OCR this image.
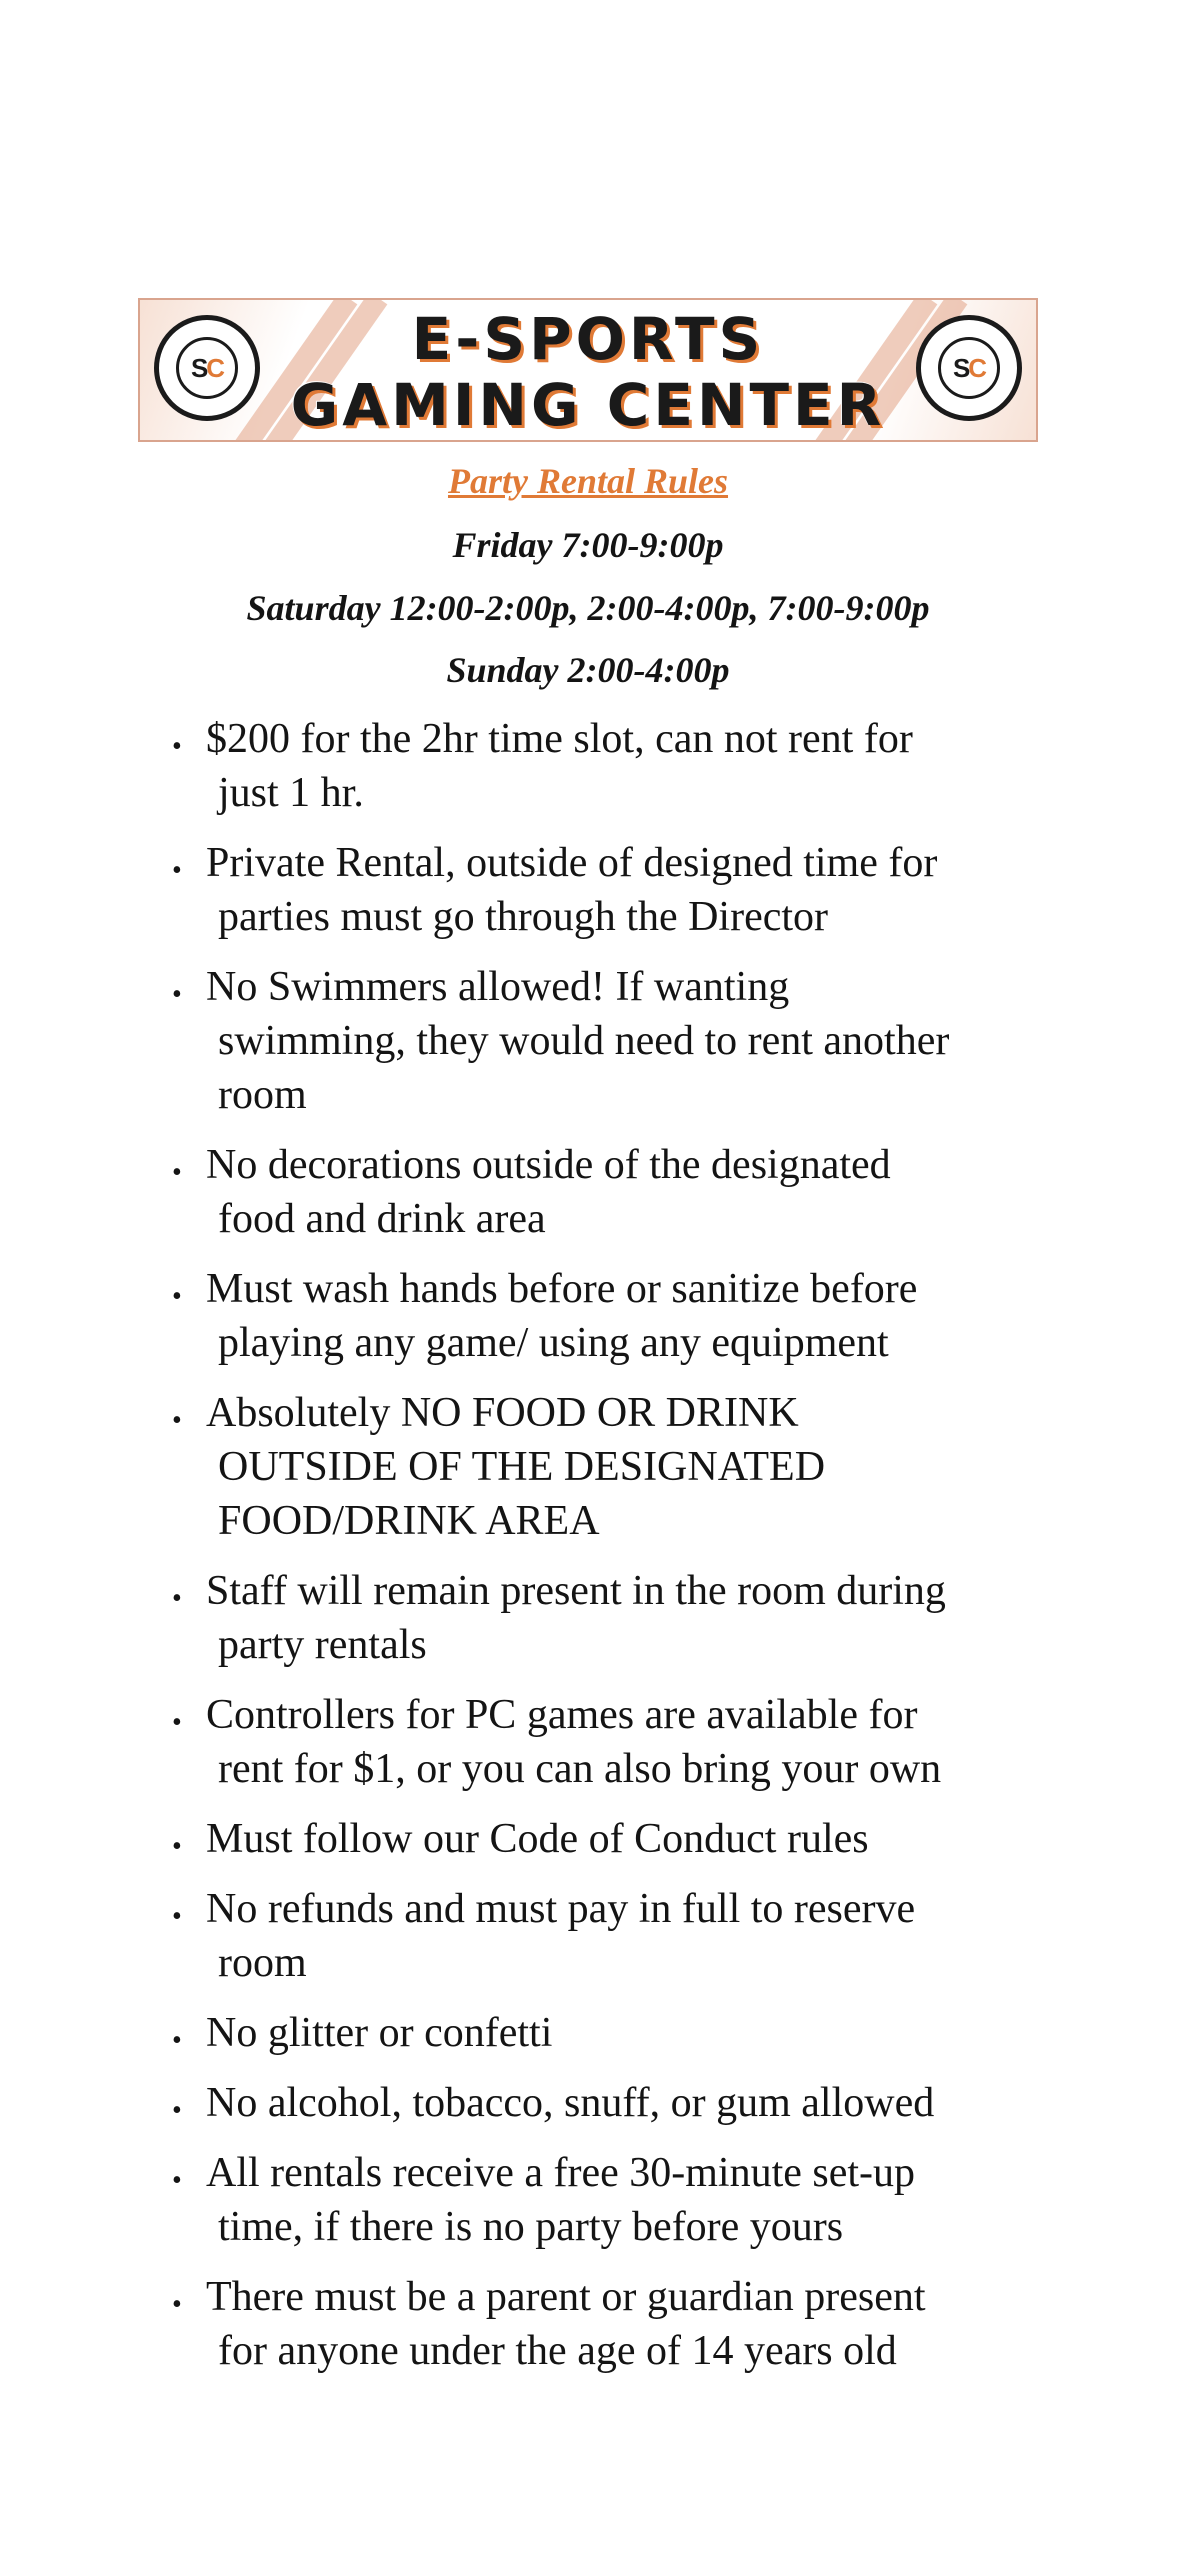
S C	E-SPORTS
GAMING CENTER
S C
Party Rental Rules
Friday 7:00-9:00p
Saturday 12:00-2:00p, 2:00-4:00p, 7:00-9:00p
Sunday 2:00-4:00p
• $200 for the 2hr time slot, can not rent for
just 1 hr.
• Private Rental, outside of designed time for
parties must go through the Director
• No Swimmers allowed! If wanting
swimming, they would need to rent another
room
• No decorations outside of the designated
food and drink area
• Must wash hands before or sanitize before
playing any game/ using any equipment
• Absolutely NO FOOD OR DRINK
OUTSIDE OF THE DESIGNATED
FOOD/DRINK AREA
• Staff will remain present in the room during
party rentals
• Controllers for PC games are available for
rent for $1, or you can also bring your own
• Must follow our Code of Conduct rules
• No refunds and must pay in full to reserve
room
• No glitter or confetti
• No alcohol, tobacco, snuff, or gum allowed
• All rentals receive a free 30-minute set-up
time, if there is no party before yours
• There must be a parent or guardian present
for anyone under the age of 14 years old
